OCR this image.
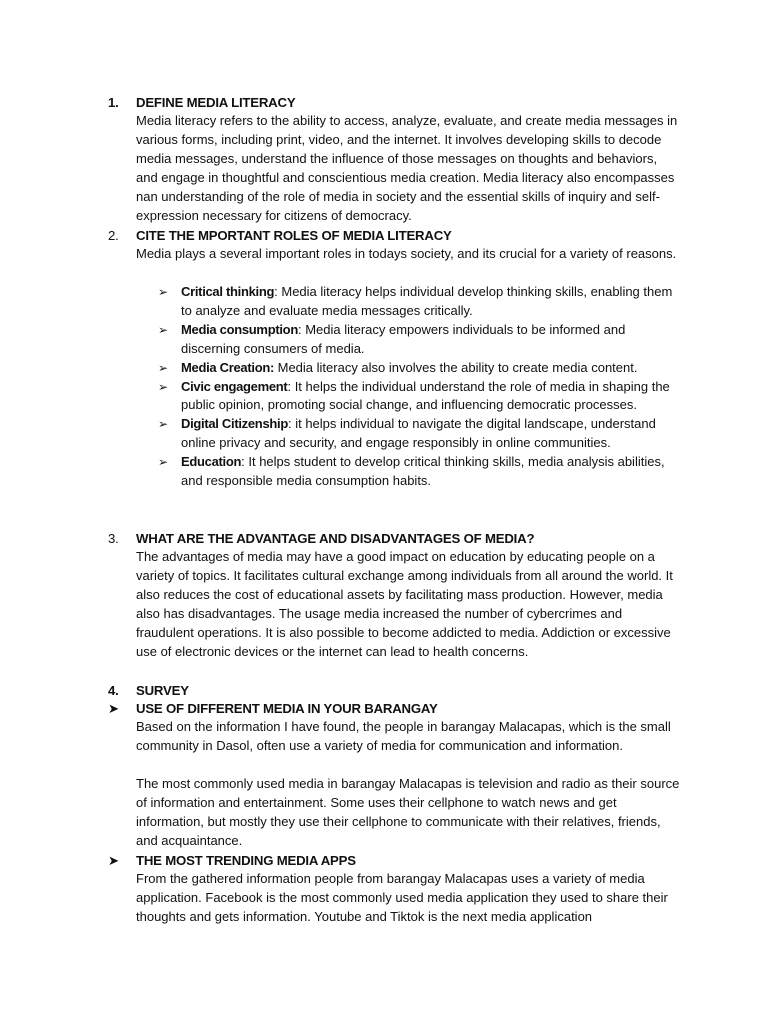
1.	DEFINE MEDIA LITERACY

Media literacy refers to the ability to access, analyze, evaluate, and create media messages in various forms, including print, video, and the internet. It involves developing skills to decode media messages, understand the influence of those messages on thoughts and behaviors, and engage in thoughtful and conscientious media creation. Media literacy also encompasses nan understanding of the role of media in society and the essential skills of inquiry and self- expression necessary for citizens of democracy.

2.	CITE THE MPORTANT ROLES OF MEDIA LITERACY

Media plays a several important roles in todays society, and its crucial for a variety of reasons.

➢ Critical thinking: Media literacy helps individual develop thinking skills, enabling them to analyze and evaluate media messages critically.
➢ Media consumption: Media literacy empowers individuals to be informed and discerning consumers of media.
➢ Media Creation: Media literacy also involves the ability to create media content.
➢ Civic engagement: It helps the individual understand the role of media in shaping the public opinion, promoting social change, and influencing democratic processes.
➢ Digital Citizenship: it helps individual to navigate the digital landscape, understand online privacy and security, and engage responsibly in online communities.
➢ Education: It helps student to develop critical thinking skills, media analysis abilities, and responsible media consumption habits.
3.	WHAT ARE THE ADVANTAGE AND DISADVANTAGES OF MEDIA?

The advantages of media may have a good impact on education by educating people on a variety of topics. It facilitates cultural exchange among individuals from all around the world. It also reduces the cost of educational assets by facilitating mass production. However, media also has disadvantages. The usage media increased the number of cybercrimes and fraudulent operations. It is also possible to become addicted to media. Addiction or excessive use of electronic devices or the internet can lead to health concerns.

4.	SURVEY
➤	USE OF DIFFERENT MEDIA IN YOUR BARANGAY

Based on the information I have found, the people in barangay Malacapas, which is the small community in Dasol, often use a variety of media for communication and information.

The most commonly used media in barangay Malacapas is television and radio as their source of information and entertainment. Some uses their cellphone to watch news and get information, but mostly they use their cellphone to communicate with their relatives, friends, and acquaintance.

➤	THE MOST TRENDING MEDIA APPS

From the gathered information people from barangay Malacapas uses a variety of media application. Facebook is the most commonly used media application they used to share their thoughts and gets information. Youtube and Tiktok is the next media application
